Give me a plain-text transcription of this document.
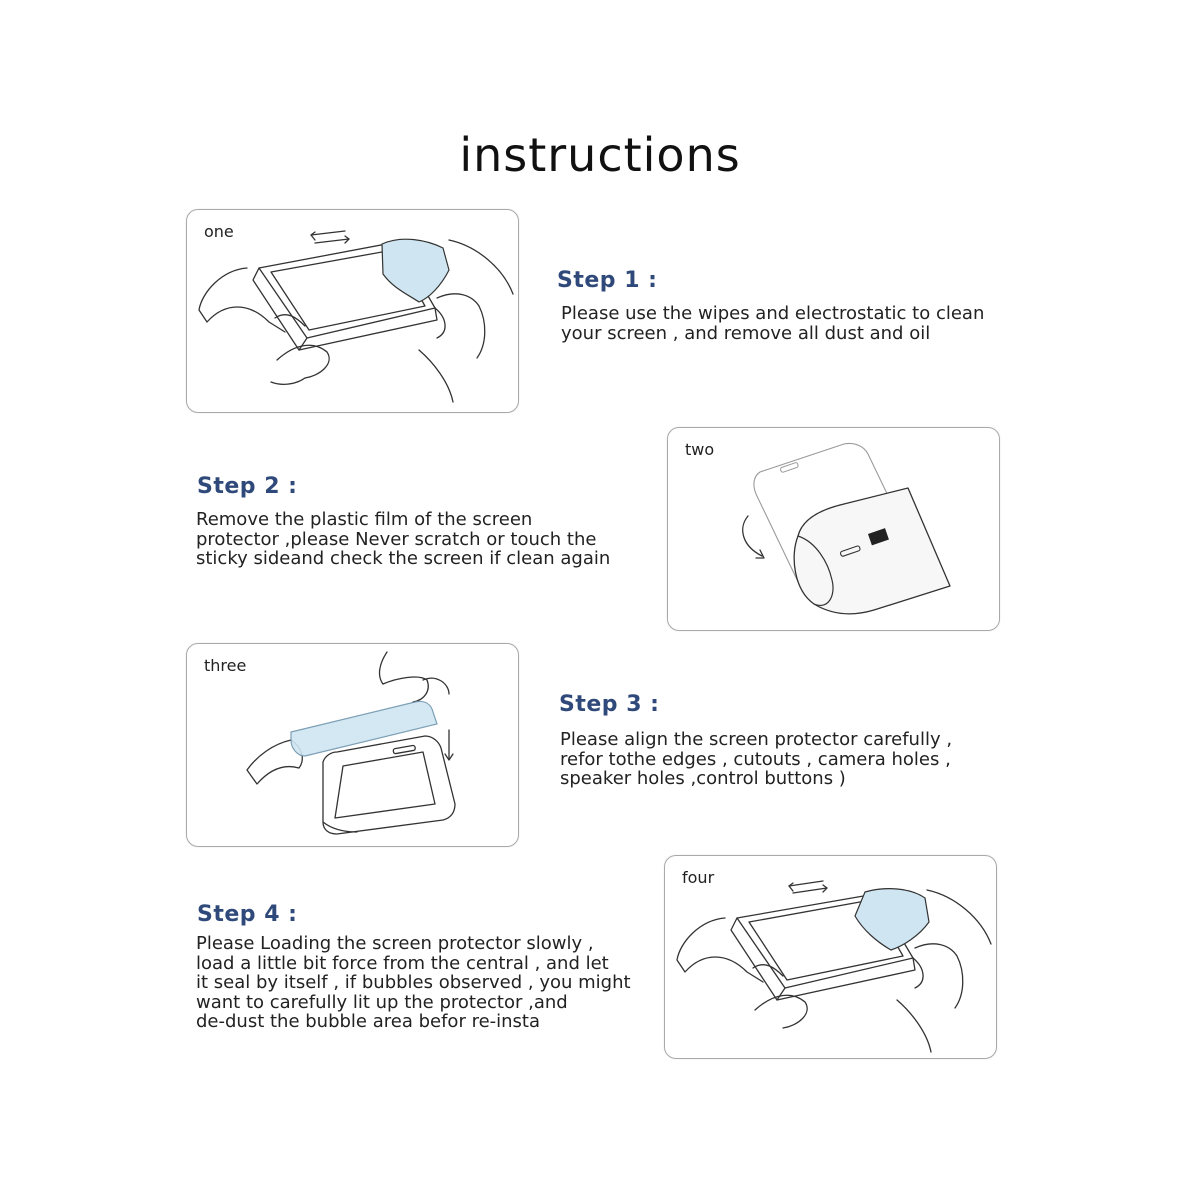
instructions
one
Step 1 :
Please use the wipes and electrostatic to clean
your screen , and remove all dust and oil
two
Step 2 :
Remove the plastic film of the screen
protector ,please Never scratch or touch the
sticky sideand check the screen if clean again
three
Step 3 :
Please align the screen protector carefully ,
refor tothe edges , cutouts , camera holes ,
speaker holes ,control buttons )
four
Step 4 :
Please Loading the screen protector slowly ,
load a little bit force from the central , and let
it seal by itself , if bubbles observed , you might
want to carefully lit up the protector ,and
de-dust the bubble area befor re-insta
